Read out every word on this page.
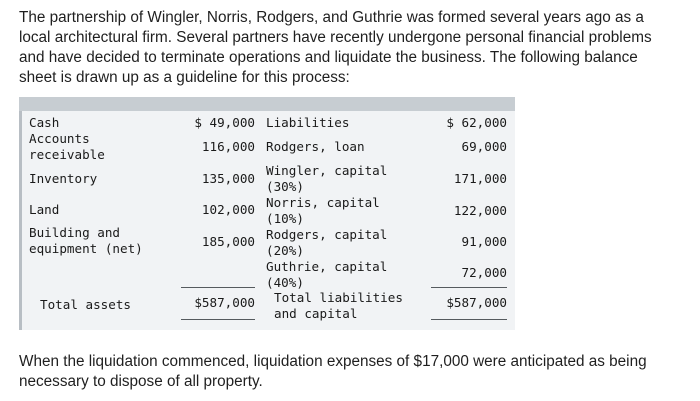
The partnership of Wingler, Norris, Rodgers, and Guthrie was formed several years ago as a local architectural firm. Several partners have recently undergone personal financial problems and have decided to terminate operations and liquidate the business. The following balance sheet is drawn up as a guideline for this process:

Cash
Accounts
receivable
Inventory
Land
Building and
equipment (net)
Total assets
$ 49,000
116,000
135,000
102,000
185,000
$587,000
Liabilities
Rodgers, loan
Wingler, capital
(30%)
Norris, capital
(10%)
Rodgers, capital
(20%)
Guthrie, capital
(40%)
Total liabilities
and capital
$ 62,000
69,000
171,000
122,000
91,000
72,000
$587,000

When the liquidation commenced, liquidation expenses of $17,000 were anticipated as being necessary to dispose of all property.
